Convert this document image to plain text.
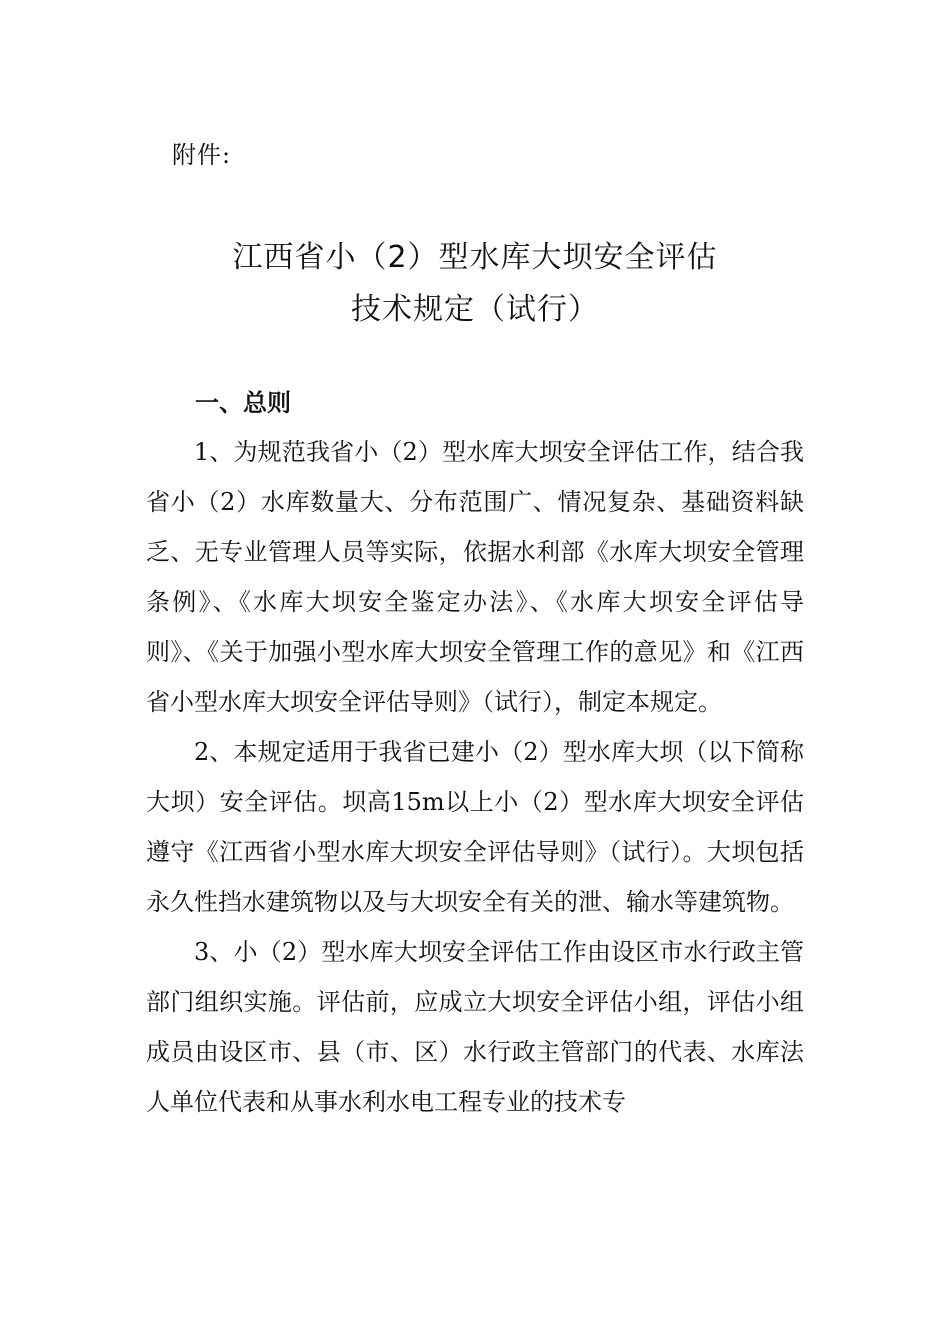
附件:
江西省小（2）型水库大坝安全评估
技术规定（试行）
一、总则

1、为规范我省小（2）型水库大坝安全评估工作，结合我省小（2）水库数量大、分布范围广、情况复杂、基础资料缺乏、无专业管理人员等实际，依据水利部《水库大坝安全管理条例》、《水库大坝安全鉴定办法》、《水库大坝安全评估导则》、《关于加强小型水库大坝安全管理工作的意见》和《江西省小型水库大坝安全评估导则》（试行），制定本规定。

2、本规定适用于我省已建小（2）型水库大坝（以下简称大坝）安全评估。坝高15m以上小（2）型水库大坝安全评估遵守《江西省小型水库大坝安全评估导则》（试行）。大坝包括永久性挡水建筑物以及与大坝安全有关的泄、输水等建筑物。

3、小（2）型水库大坝安全评估工作由设区市水行政主管部门组织实施。评估前，应成立大坝安全评估小组，评估小组成员由设区市、县（市、区）水行政主管部门的代表、水库法人单位代表和从事水利水电工程专业的技术专
